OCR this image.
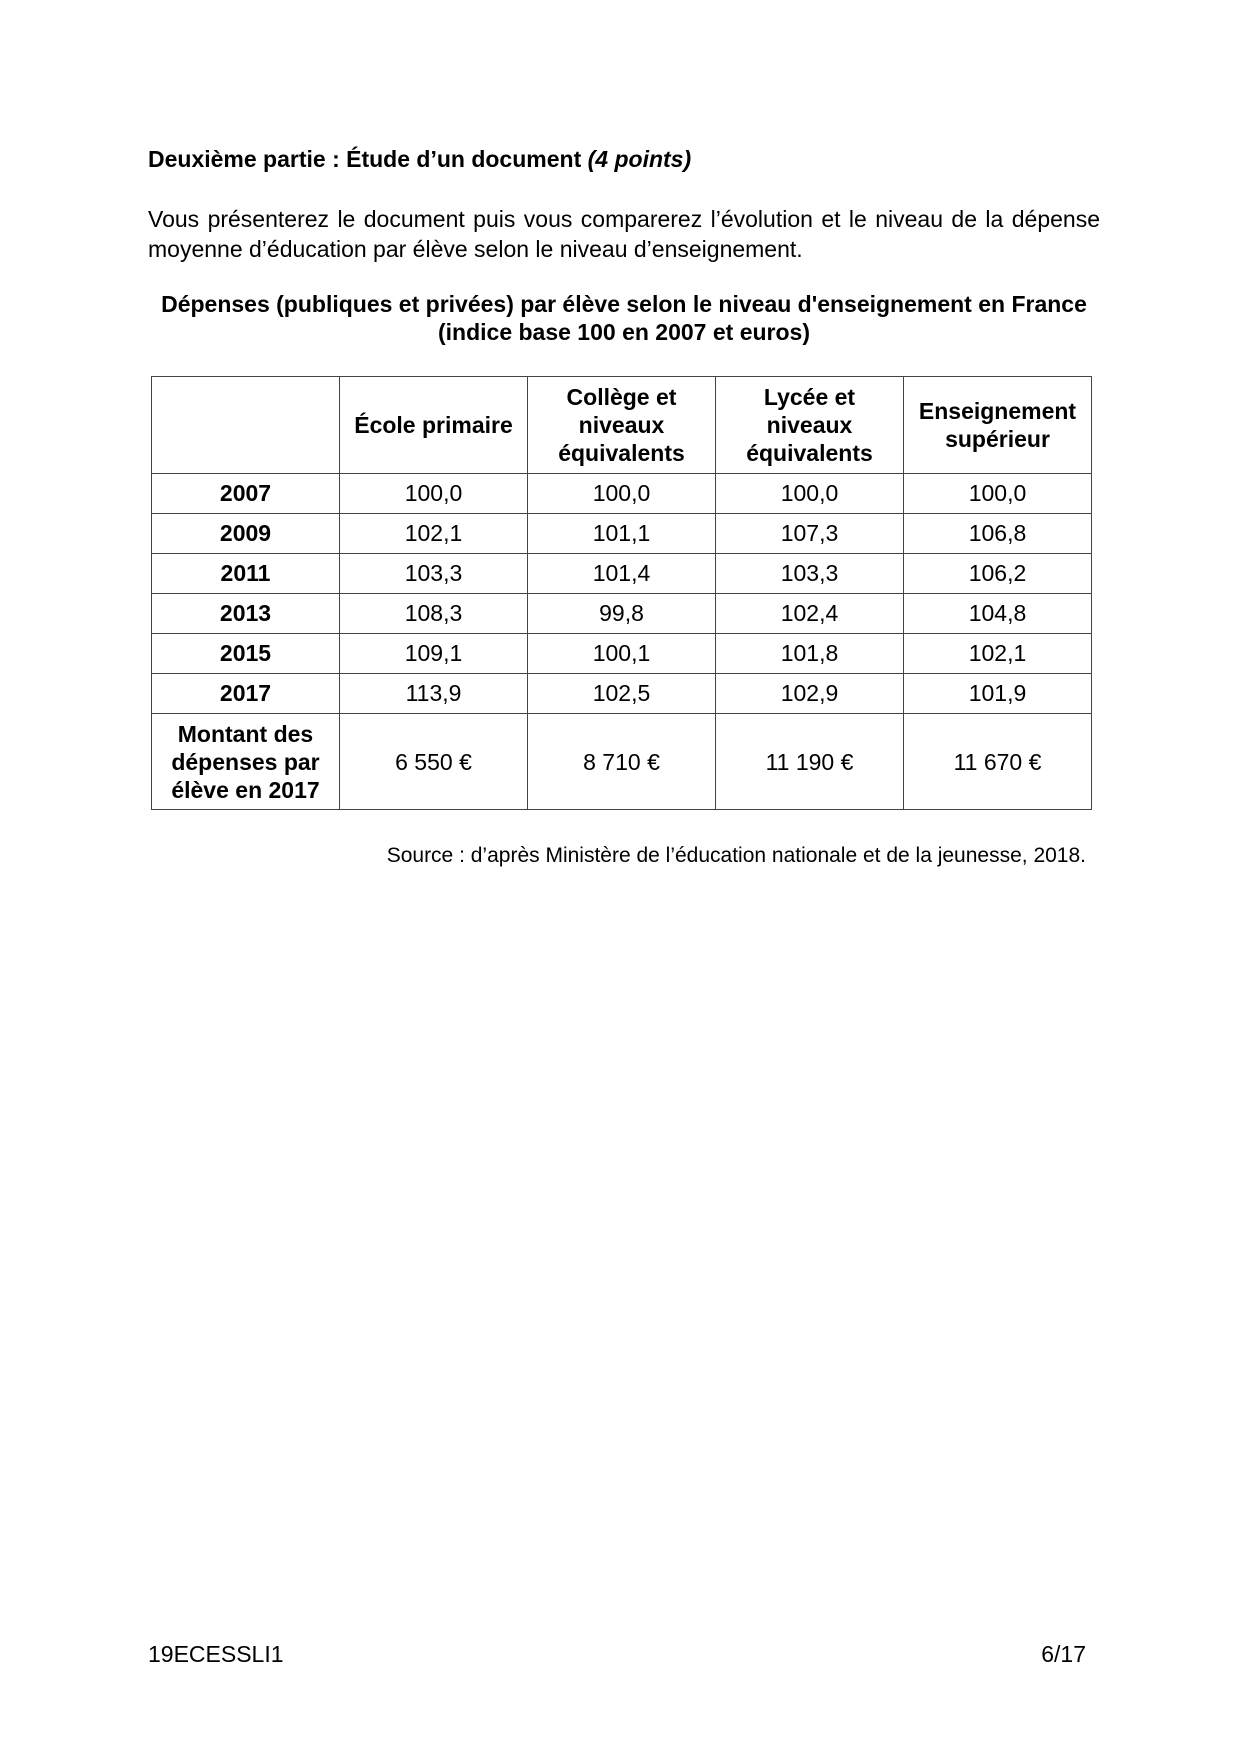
Deuxième partie : Étude d’un document (4 points)
Vous présenterez le document puis vous comparerez l’évolution et le niveau de la dépense moyenne d’éducation par élève selon le niveau d’enseignement.
Dépenses (publiques et privées) par élève selon le niveau d'enseignement en France (indice base 100 en 2007 et euros)
	École primaire	Collège et niveaux équivalents	Lycée et niveaux équivalents	Enseignement supérieur
2007	100,0	100,0	100,0	100,0
2009	102,1	101,1	107,3	106,8
2011	103,3	101,4	103,3	106,2
2013	108,3	99,8	102,4	104,8
2015	109,1	100,1	101,8	102,1
2017	113,9	102,5	102,9	101,9
Montant des dépenses par élève en 2017	6 550 €	8 710 €	11 190 €	11 670 €
Source : d’après Ministère de l’éducation nationale et de la jeunesse, 2018.
19ECESSLI1	6/17
